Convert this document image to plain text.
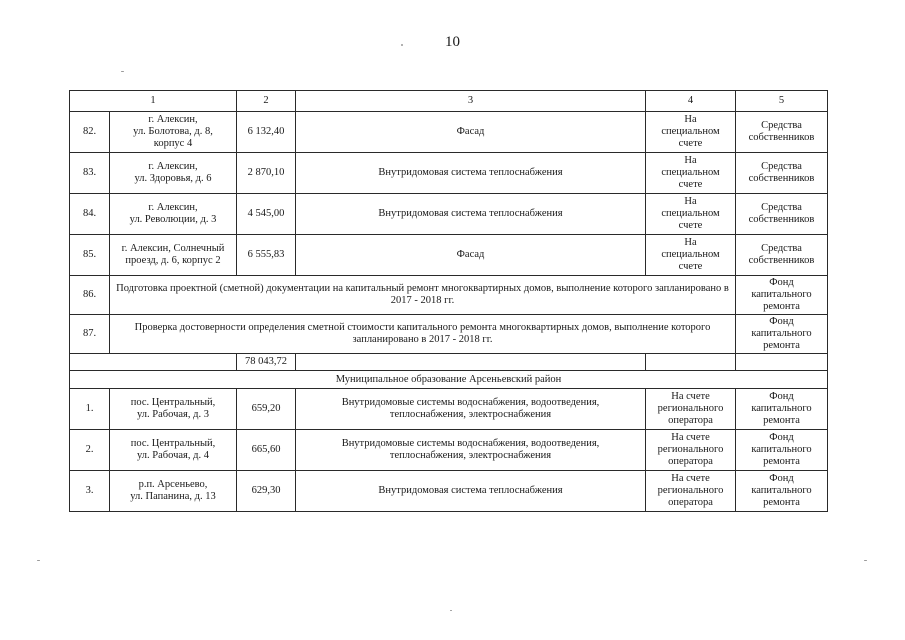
10
1		2	3	4	5
82.	г. Алексин,
ул. Болотова, д. 8,
корпус 4	6 132,40	Фасад	На
специальном
счете	Средства
собственников
83.	г. Алексин,
ул. Здоровья, д. 6	2 870,10	Внутридомовая система теплоснабжения	На
специальном
счете	Средства
собственников
84.	г. Алексин,
ул. Революции, д. 3	4 545,00	Внутридомовая система теплоснабжения	На
специальном
счете	Средства
собственников
85.	г. Алексин, Солнечный
проезд, д. 6, корпус 2	6 555,83	Фасад	На
специальном
счете	Средства
собственников
86.	Подготовка проектной (сметной) документации на капитальный ремонт многоквартирных домов, выполнение которого запланировано в 2017 - 2018 гг.				Фонд
капитального
ремонта
87.	Проверка достоверности определения сметной стоимости капитального ремонта многоквартирных домов, выполнение которого запланировано в 2017 - 2018 гг.				Фонд
капитального
ремонта
		78 043,72			
Муниципальное образование Арсеньевский район					
1.	пос. Центральный,
ул. Рабочая, д. 3	659,20	Внутридомовые системы водоснабжения, водоотведения,
теплоснабжения, электроснабжения	На счете
регионального
оператора	Фонд
капитального
ремонта
2.	пос. Центральный,
ул. Рабочая, д. 4	665,60	Внутридомовые системы водоснабжения, водоотведения,
теплоснабжения, электроснабжения	На счете
регионального
оператора	Фонд
капитального
ремонта
3.	р.п. Арсеньево,
ул. Папанина, д. 13	629,30	Внутридомовая система теплоснабжения	На счете
регионального
оператора	Фонд
капитального
ремонта
